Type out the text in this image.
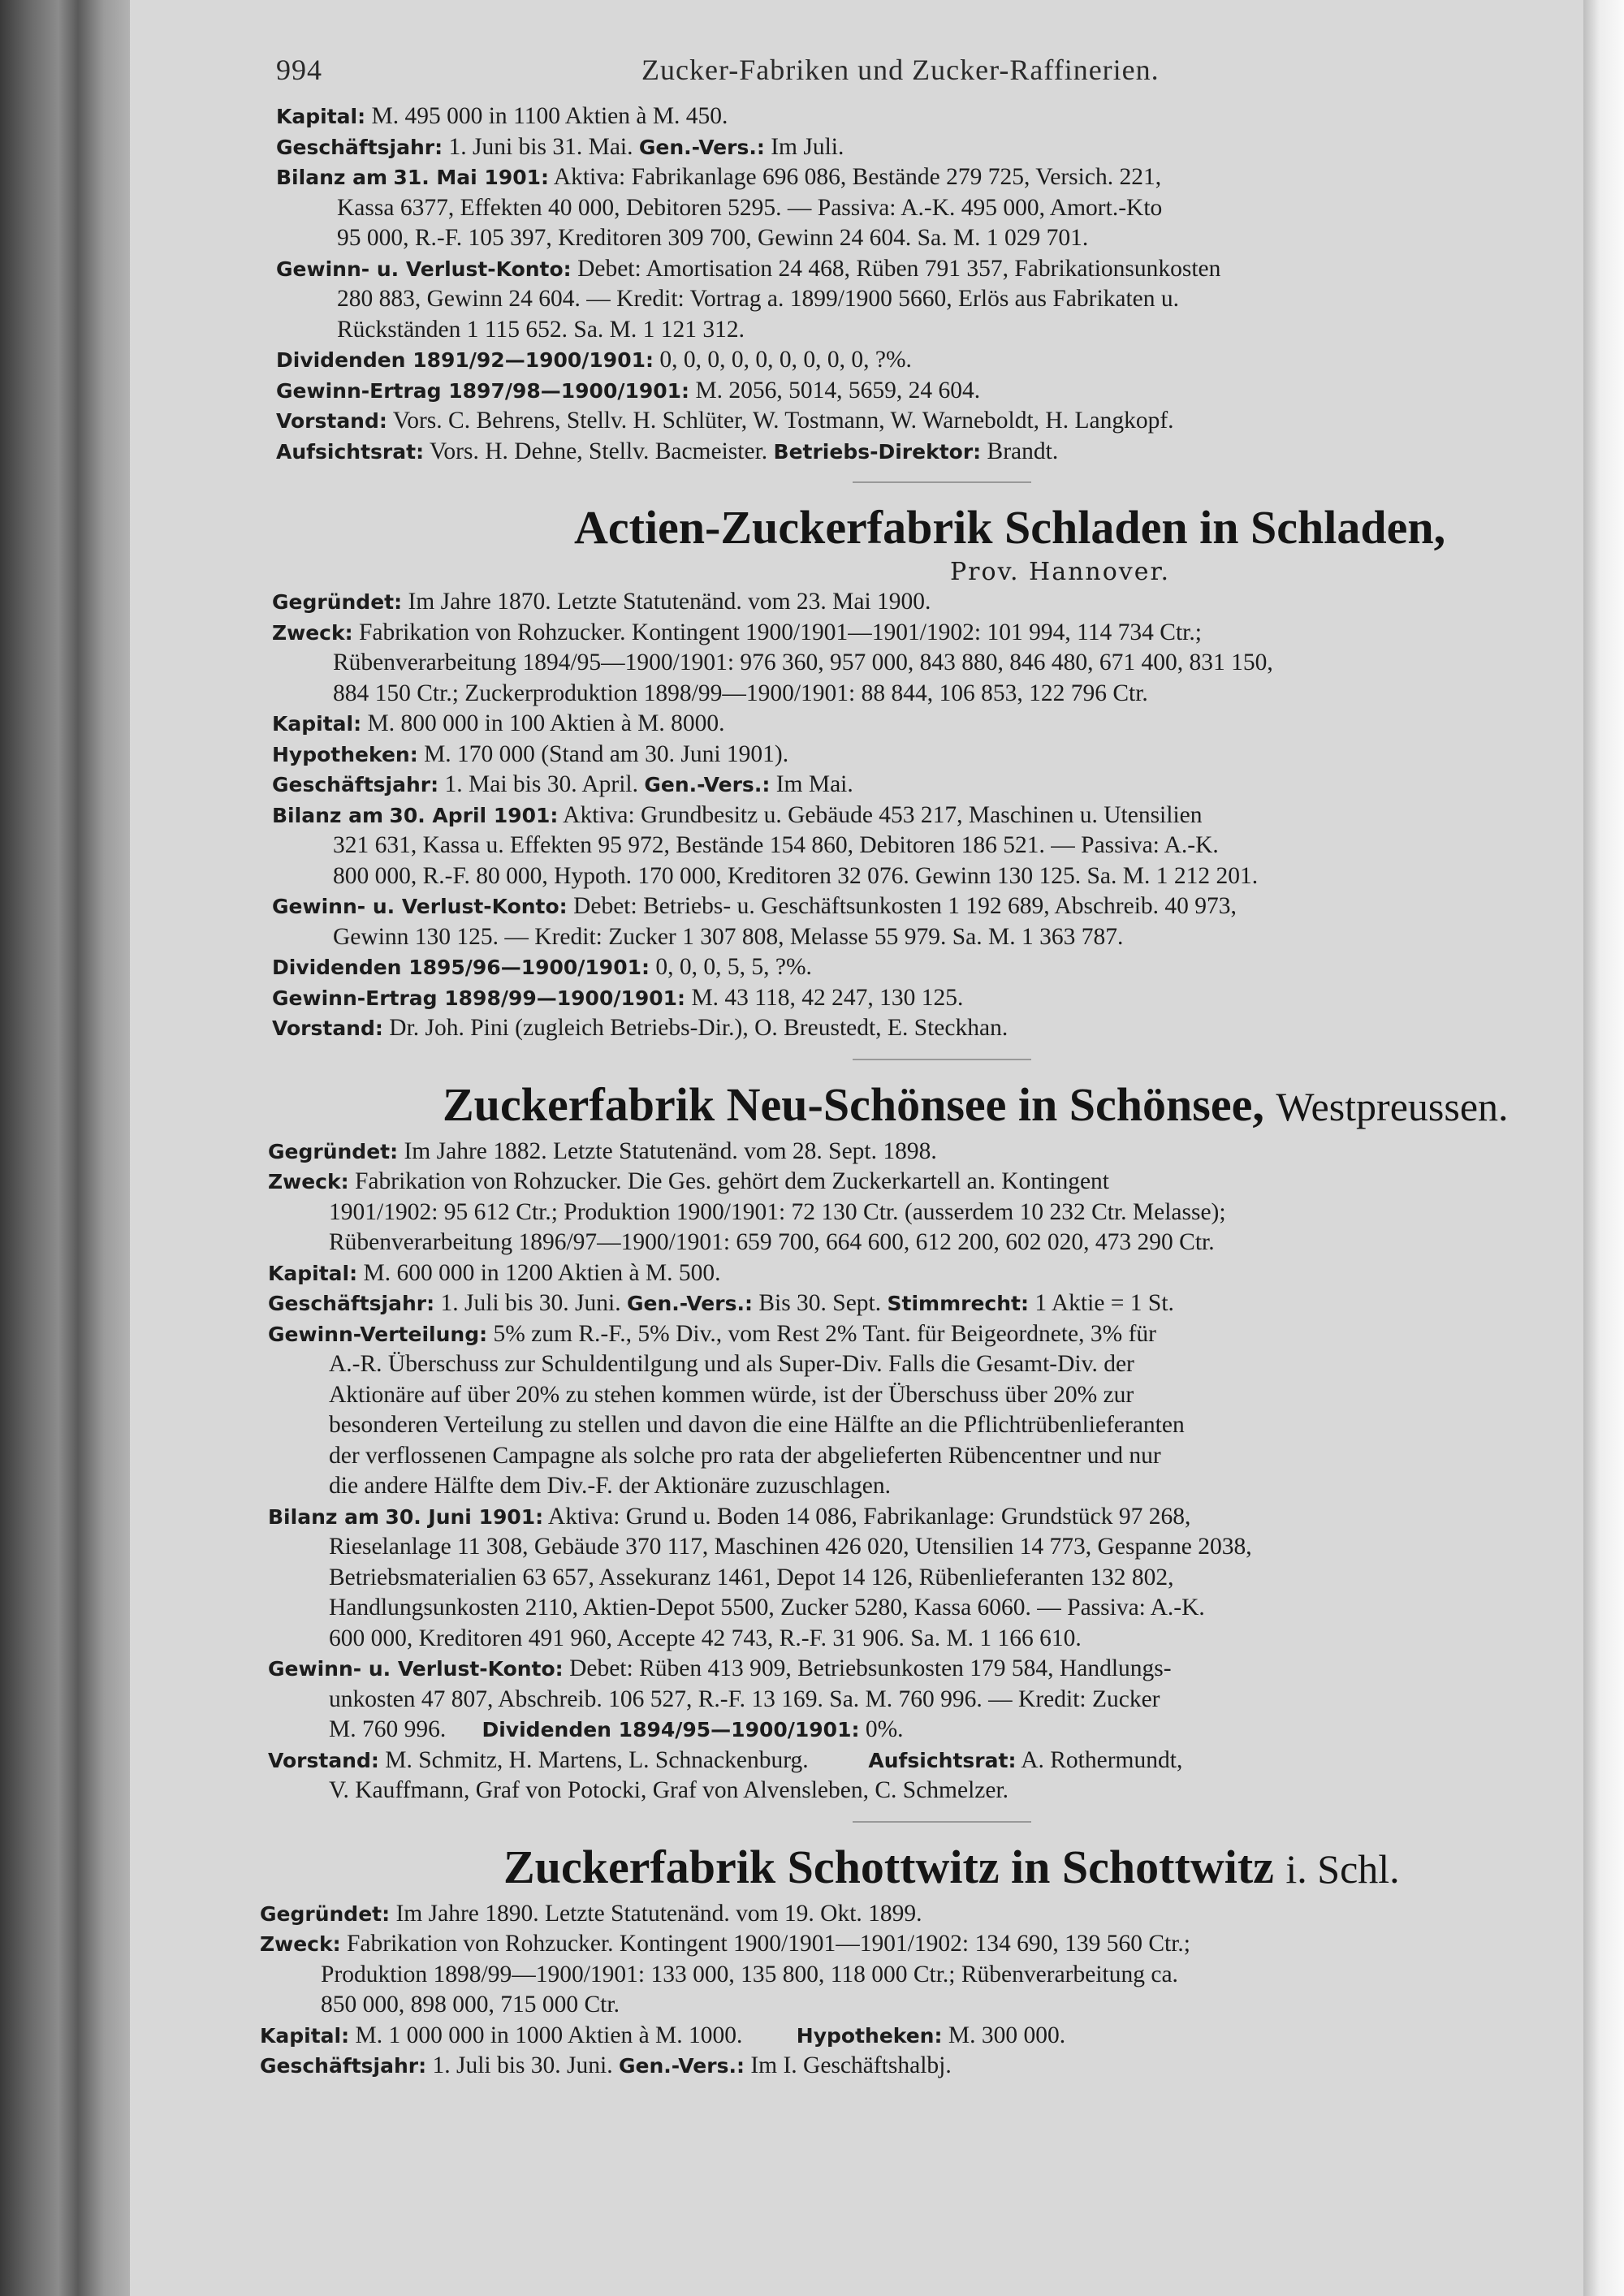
994	Zucker-Fabriken und Zucker-Raffinerien.
Kapital: M. 495 000 in 1100 Aktien à M. 450.
Geschäftsjahr: 1. Juni bis 31. Mai. Gen.-Vers.: Im Juli.
Bilanz am 31. Mai 1901: Aktiva: Fabrikanlage 696 086, Bestände 279 725, Versich. 221,
Kassa 6377, Effekten 40 000, Debitoren 5295. — Passiva: A.-K. 495 000, Amort.-Kto
95 000, R.-F. 105 397, Kreditoren 309 700, Gewinn 24 604. Sa. M. 1 029 701.
Gewinn- u. Verlust-Konto: Debet: Amortisation 24 468, Rüben 791 357, Fabrikationsunkosten
280 883, Gewinn 24 604. — Kredit: Vortrag a. 1899/1900 5660, Erlös aus Fabrikaten u.
Rückständen 1 115 652. Sa. M. 1 121 312.
Dividenden 1891/92—1900/1901: 0, 0, 0, 0, 0, 0, 0, 0, 0, ?%.
Gewinn-Ertrag 1897/98—1900/1901: M. 2056, 5014, 5659, 24 604.
Vorstand: Vors. C. Behrens, Stellv. H. Schlüter, W. Tostmann, W. Warneboldt, H. Langkopf.
Aufsichtsrat: Vors. H. Dehne, Stellv. Bacmeister. Betriebs-Direktor: Brandt.
Actien-Zuckerfabrik Schladen in Schladen,
Prov. Hannover.
Gegründet: Im Jahre 1870. Letzte Statutenänd. vom 23. Mai 1900.
Zweck: Fabrikation von Rohzucker. Kontingent 1900/1901—1901/1902: 101 994, 114 734 Ctr.;
Rübenverarbeitung 1894/95—1900/1901: 976 360, 957 000, 843 880, 846 480, 671 400, 831 150,
884 150 Ctr.; Zuckerproduktion 1898/99—1900/1901: 88 844, 106 853, 122 796 Ctr.
Kapital: M. 800 000 in 100 Aktien à M. 8000.
Hypotheken: M. 170 000 (Stand am 30. Juni 1901).
Geschäftsjahr: 1. Mai bis 30. April. Gen.-Vers.: Im Mai.
Bilanz am 30. April 1901: Aktiva: Grundbesitz u. Gebäude 453 217, Maschinen u. Utensilien
321 631, Kassa u. Effekten 95 972, Bestände 154 860, Debitoren 186 521. — Passiva: A.-K.
800 000, R.-F. 80 000, Hypoth. 170 000, Kreditoren 32 076. Gewinn 130 125. Sa. M. 1 212 201.
Gewinn- u. Verlust-Konto: Debet: Betriebs- u. Geschäftsunkosten 1 192 689, Abschreib. 40 973,
Gewinn 130 125. — Kredit: Zucker 1 307 808, Melasse 55 979. Sa. M. 1 363 787.
Dividenden 1895/96—1900/1901: 0, 0, 0, 5, 5, ?%.
Gewinn-Ertrag 1898/99—1900/1901: M. 43 118, 42 247, 130 125.
Vorstand: Dr. Joh. Pini (zugleich Betriebs-Dir.), O. Breustedt, E. Steckhan.
Zuckerfabrik Neu-Schönsee in Schönsee, Westpreussen.
Gegründet: Im Jahre 1882. Letzte Statutenänd. vom 28. Sept. 1898.
Zweck: Fabrikation von Rohzucker. Die Ges. gehört dem Zuckerkartell an. Kontingent
1901/1902: 95 612 Ctr.; Produktion 1900/1901: 72 130 Ctr. (ausserdem 10 232 Ctr. Melasse);
Rübenverarbeitung 1896/97—1900/1901: 659 700, 664 600, 612 200, 602 020, 473 290 Ctr.
Kapital: M. 600 000 in 1200 Aktien à M. 500.
Geschäftsjahr: 1. Juli bis 30. Juni. Gen.-Vers.: Bis 30. Sept. Stimmrecht: 1 Aktie = 1 St.
Gewinn-Verteilung: 5% zum R.-F., 5% Div., vom Rest 2% Tant. für Beigeordnete, 3% für
A.-R. Überschuss zur Schuldentilgung und als Super-Div. Falls die Gesamt-Div. der
Aktionäre auf über 20% zu stehen kommen würde, ist der Überschuss über 20% zur
besonderen Verteilung zu stellen und davon die eine Hälfte an die Pflichtrübenlieferanten
der verflossenen Campagne als solche pro rata der abgelieferten Rübencentner und nur
die andere Hälfte dem Div.-F. der Aktionäre zuzuschlagen.
Bilanz am 30. Juni 1901: Aktiva: Grund u. Boden 14 086, Fabrikanlage: Grundstück 97 268,
Rieselanlage 11 308, Gebäude 370 117, Maschinen 426 020, Utensilien 14 773, Gespanne 2038,
Betriebsmaterialien 63 657, Assekuranz 1461, Depot 14 126, Rübenlieferanten 132 802,
Handlungsunkosten 2110, Aktien-Depot 5500, Zucker 5280, Kassa 6060. — Passiva: A.-K.
600 000, Kreditoren 491 960, Accepte 42 743, R.-F. 31 906. Sa. M. 1 166 610.
Gewinn- u. Verlust-Konto: Debet: Rüben 413 909, Betriebsunkosten 179 584, Handlungs-
unkosten 47 807, Abschreib. 106 527, R.-F. 13 169. Sa. M. 760 996. — Kredit: Zucker
M. 760 996. Dividenden 1894/95—1900/1901: 0%.
Vorstand: M. Schmitz, H. Martens, L. Schnackenburg.	Aufsichtsrat: A. Rothermundt,
V. Kauffmann, Graf von Potocki, Graf von Alvensleben, C. Schmelzer.
Zuckerfabrik Schottwitz in Schottwitz i. Schl.
Gegründet: Im Jahre 1890. Letzte Statutenänd. vom 19. Okt. 1899.
Zweck: Fabrikation von Rohzucker. Kontingent 1900/1901—1901/1902: 134 690, 139 560 Ctr.;
Produktion 1898/99—1900/1901: 133 000, 135 800, 118 000 Ctr.; Rübenverarbeitung ca.
850 000, 898 000, 715 000 Ctr.
Kapital: M. 1 000 000 in 1000 Aktien à M. 1000.	Hypotheken: M. 300 000.
Geschäftsjahr: 1. Juli bis 30. Juni. Gen.-Vers.: Im I. Geschäftshalbj.
